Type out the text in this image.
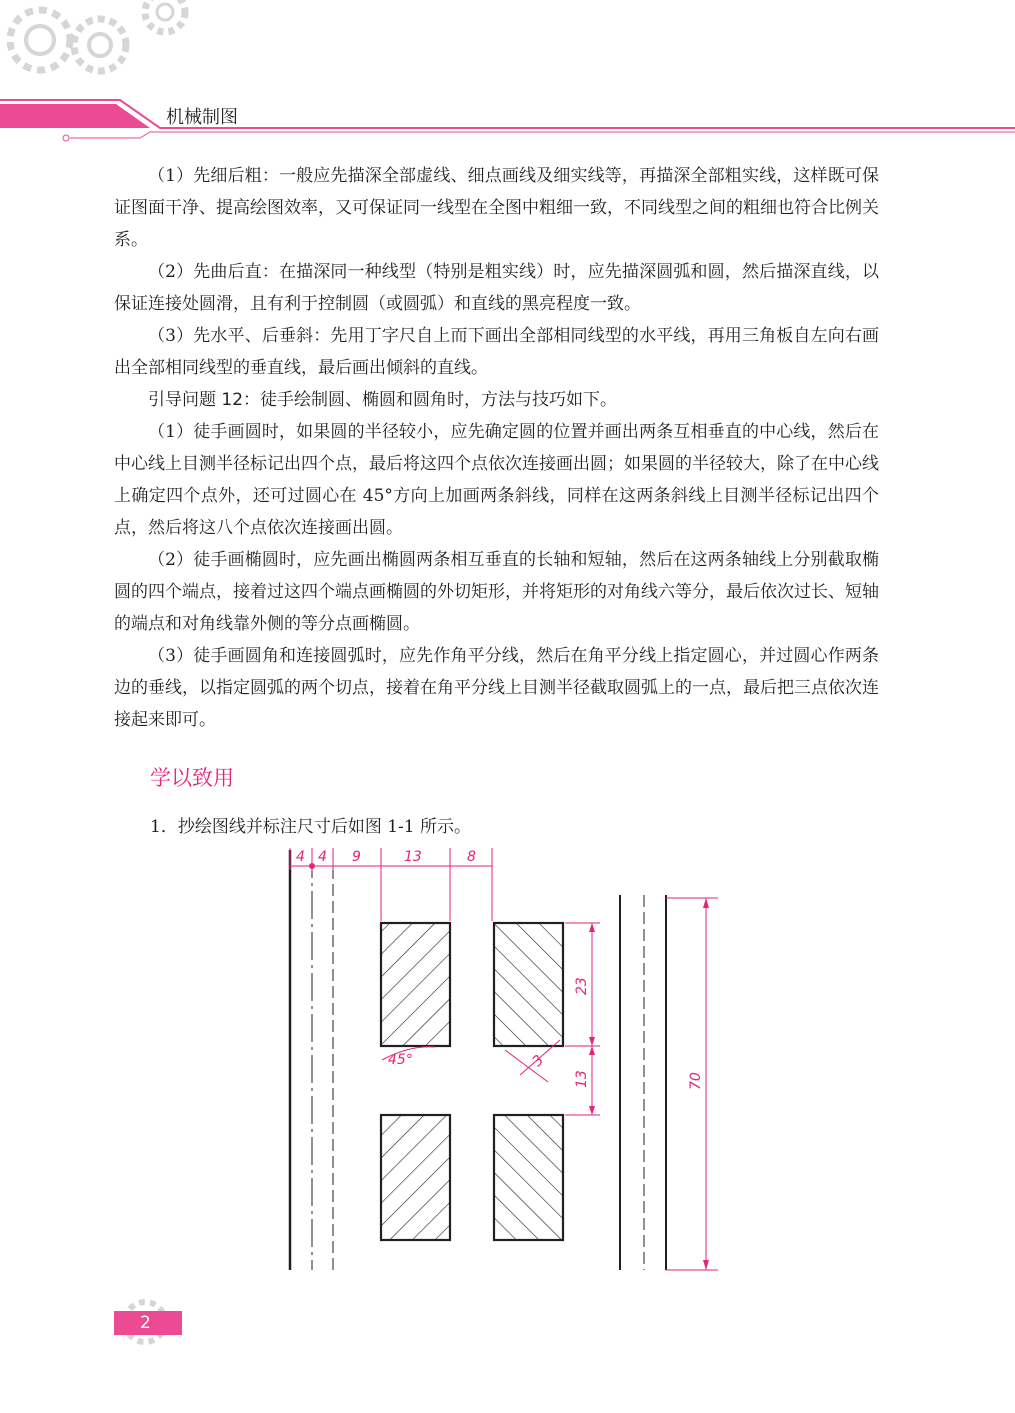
机械制图

（1）先细后粗：一般应先描深全部虚线、细点画线及细实线等，再描深全部粗实线，这样既可保证图面干净、提高绘图效率，又可保证同一线型在全图中粗细一致，不同线型之间的粗细也符合比例关系。

（2）先曲后直：在描深同一种线型（特别是粗实线）时，应先描深圆弧和圆，然后描深直线，以保证连接处圆滑，且有利于控制圆（或圆弧）和直线的黑亮程度一致。

（3）先水平、后垂斜：先用丁字尺自上而下画出全部相同线型的水平线，再用三角板自左向右画出全部相同线型的垂直线，最后画出倾斜的直线。

引导问题 12：徒手绘制圆、椭圆和圆角时，方法与技巧如下。

（1）徒手画圆时，如果圆的半径较小，应先确定圆的位置并画出两条互相垂直的中心线，然后在中心线上目测半径标记出四个点，最后将这四个点依次连接画出圆；如果圆的半径较大，除了在中心线上确定四个点外，还可过圆心在 45°方向上加画两条斜线，同样在这两条斜线上目测半径标记出四个点，然后将这八个点依次连接画出圆。

（2）徒手画椭圆时，应先画出椭圆两条相互垂直的长轴和短轴，然后在这两条轴线上分别截取椭圆的四个端点，接着过这四个端点画椭圆的外切矩形，并将矩形的对角线六等分，最后依次过长、短轴的端点和对角线靠外侧的等分点画椭圆。

（3）徒手画圆角和连接圆弧时，应先作角平分线，然后在角平分线上指定圆心，并过圆心作两条边的垂线，以指定圆弧的两个切点，接着在角平分线上目测半径截取圆弧上的一点，最后把三点依次连接起来即可。

学以致用
1．抄绘图线并标注尺寸后如图 1-1 所示。
4 4 9	13	8
23
13	70
3
45°
2
